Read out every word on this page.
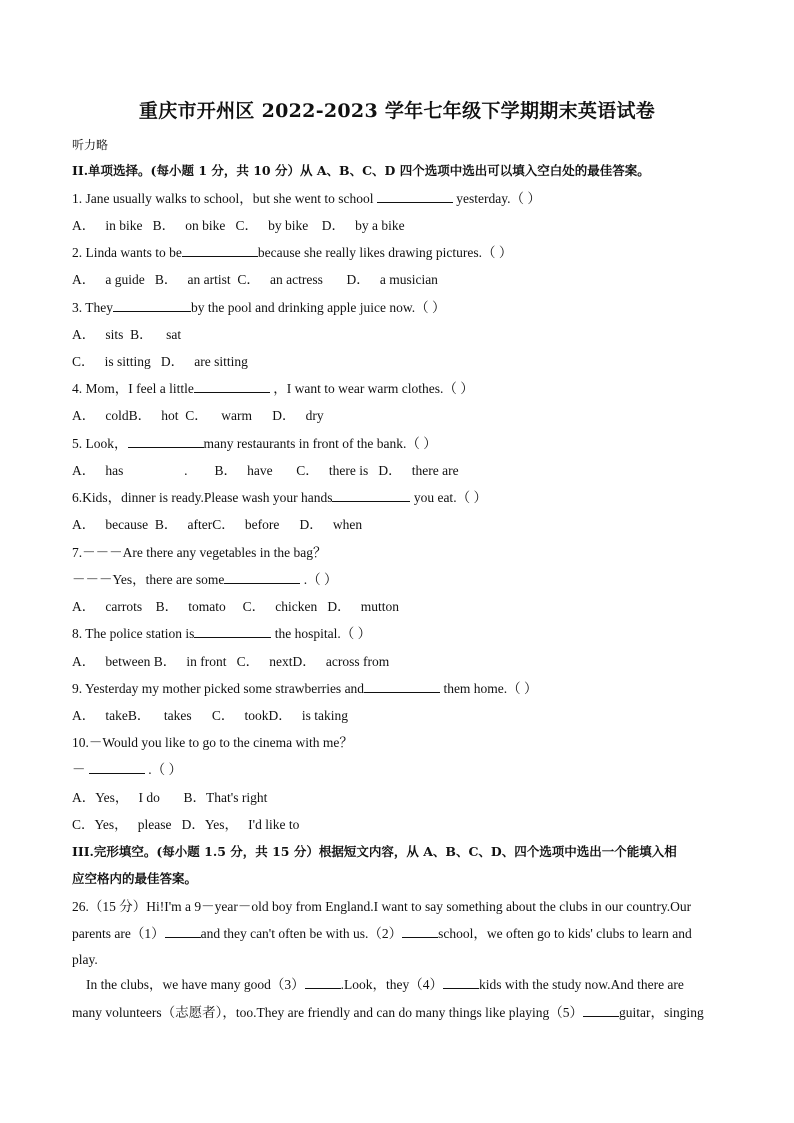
重庆市开州区 2022-2023 学年七年级下学期期末英语试卷
听力略
II.单项选择。(每小题 1 分，共 10 分）从 A、B、C、D 四个选项中选出可以填入空白处的最佳答案。
1. Jane usually walks to school，but she went to school	yesterday.（ ）
A．   in bike   B．   on bike   C．   by bike    D．   by a bike
2. Linda wants to be	because she really likes drawing pictures.（ ）
A．   a guide   B．   an artist  C．   an actress       D．   a musician
3. They	by the pool and drinking apple juice now.（ ）
A．   sits  B．    sat
C．   is sitting   D．   are sitting
4. Mom，I feel a little	，I want to wear warm clothes.（ ）
A．   coldB．   hot  C．    warm      D．   dry
5. Look，	many restaurants in front of the bank.（ ）
A．   has                  .        B．   have       C．   there is   D．   there are
6.Kids，dinner is ready.Please wash your hands	you eat.（ ）
A．   because  B．   afterC．   before      D．   when
7.－－－Are there any vegetables in the bag？
－－－Yes，there are some	.（ ）
A．   carrots    B．   tomato     C．   chicken   D．   mutton
8. The police station is	the hospital.（ ）
A．   between B．   in front   C．   nextD．   across from
9. Yesterday my mother picked some strawberries and	them home.（ ）
A．   takeB．    takes      C．   tookD．   is taking
10.－Would you like to go to the cinema with me？
－	.（ ）
A．Yes，   I do       B．That's right
C．Yes，   please   D．Yes，   I'd like to
III.完形填空。(每小题 1.5 分，共 15 分）根据短文内容，从 A、B、C、D、四个选项中选出一个能填入相
应空格内的最佳答案。
26.（15 分）Hi!I'm a 9－year－old boy from England.I want to say something about the clubs in our country.Our
parents are（1）	and they can't often be with us.（2）	school，we often go to kids' clubs to learn and
play.
In the clubs，we have many good（3）	.Look，they（4）	kids with the study now.And there are
many volunteers（志愿者），too.They are friendly and can do many things like playing（5）	guitar，singing
